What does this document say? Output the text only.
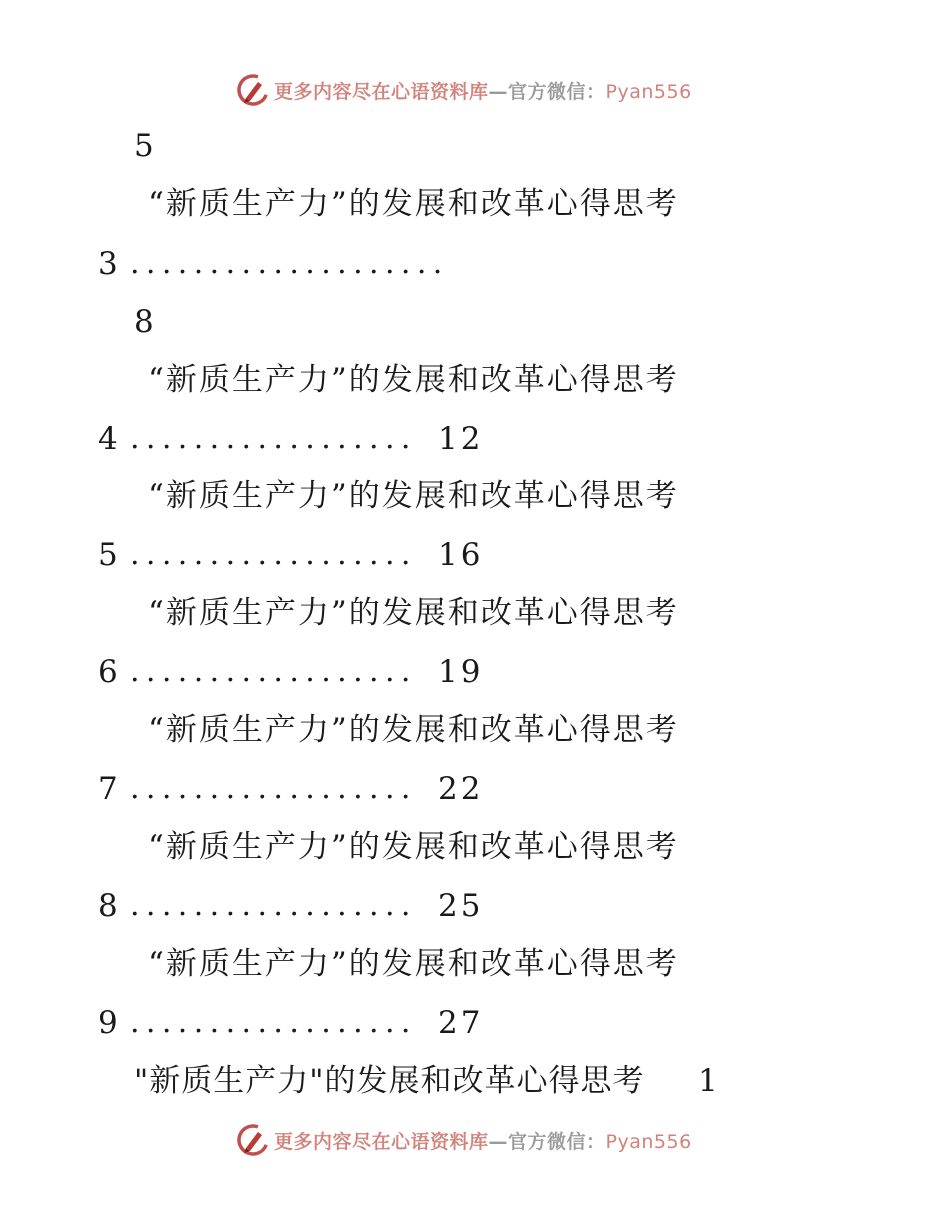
更多内容尽在心语资料库—官方微信：Pyan556
5
“新质生产力”的发展和改革心得思考
3 ....................
8
“新质生产力”的发展和改革心得思考
4 .................. 12
“新质生产力”的发展和改革心得思考
5 .................. 16
“新质生产力”的发展和改革心得思考
6 .................. 19
“新质生产力”的发展和改革心得思考
7 .................. 22
“新质生产力”的发展和改革心得思考
8 .................. 25
“新质生产力”的发展和改革心得思考
9 .................. 27
"新质生产力"的发展和改革心得思考 1
更多内容尽在心语资料库—官方微信：Pyan556
